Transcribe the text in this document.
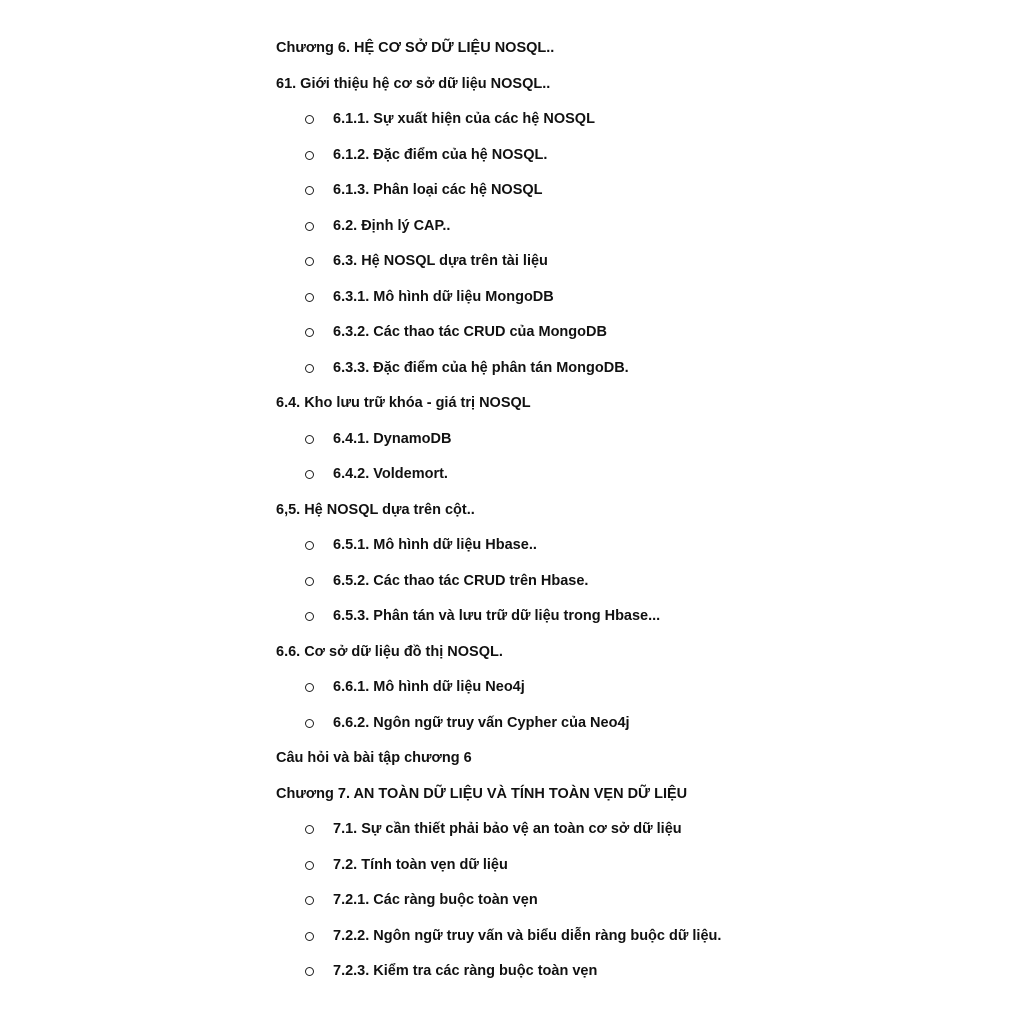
Chương 6. HỆ CƠ SỞ DỮ LIỆU NOSQL..
61. Giới thiệu hệ cơ sở dữ liệu NOSQL..
6.1.1. Sự xuất hiện của các hệ NOSQL
6.1.2. Đặc điểm của hệ NOSQL.
6.1.3. Phân loại các hệ NOSQL
6.2. Định lý CAP..
6.3. Hệ NOSQL dựa trên tài liệu
6.3.1. Mô hình dữ liệu MongoDB
6.3.2. Các thao tác CRUD của MongoDB
6.3.3. Đặc điểm của hệ phân tán MongoDB.
6.4. Kho lưu trữ khóa - giá trị NOSQL
6.4.1. DynamoDB
6.4.2. Voldemort.
6,5. Hệ NOSQL dựa trên cột..
6.5.1. Mô hình dữ liệu Hbase..
6.5.2. Các thao tác CRUD trên Hbase.
6.5.3. Phân tán và lưu trữ dữ liệu trong Hbase...
6.6. Cơ sở dữ liệu đồ thị NOSQL.
6.6.1. Mô hình dữ liệu Neo4j
6.6.2. Ngôn ngữ truy vấn Cypher của Neo4j
Câu hỏi và bài tập chương 6
Chương 7. AN TOÀN DỮ LIỆU VÀ TÍNH TOÀN VẸN DỮ LIỆU
7.1. Sự cần thiết phải bảo vệ an toàn cơ sở dữ liệu
7.2. Tính toàn vẹn dữ liệu
7.2.1. Các ràng buộc toàn vẹn
7.2.2. Ngôn ngữ truy vấn và biểu diễn ràng buộc dữ liệu.
7.2.3. Kiểm tra các ràng buộc toàn vẹn
